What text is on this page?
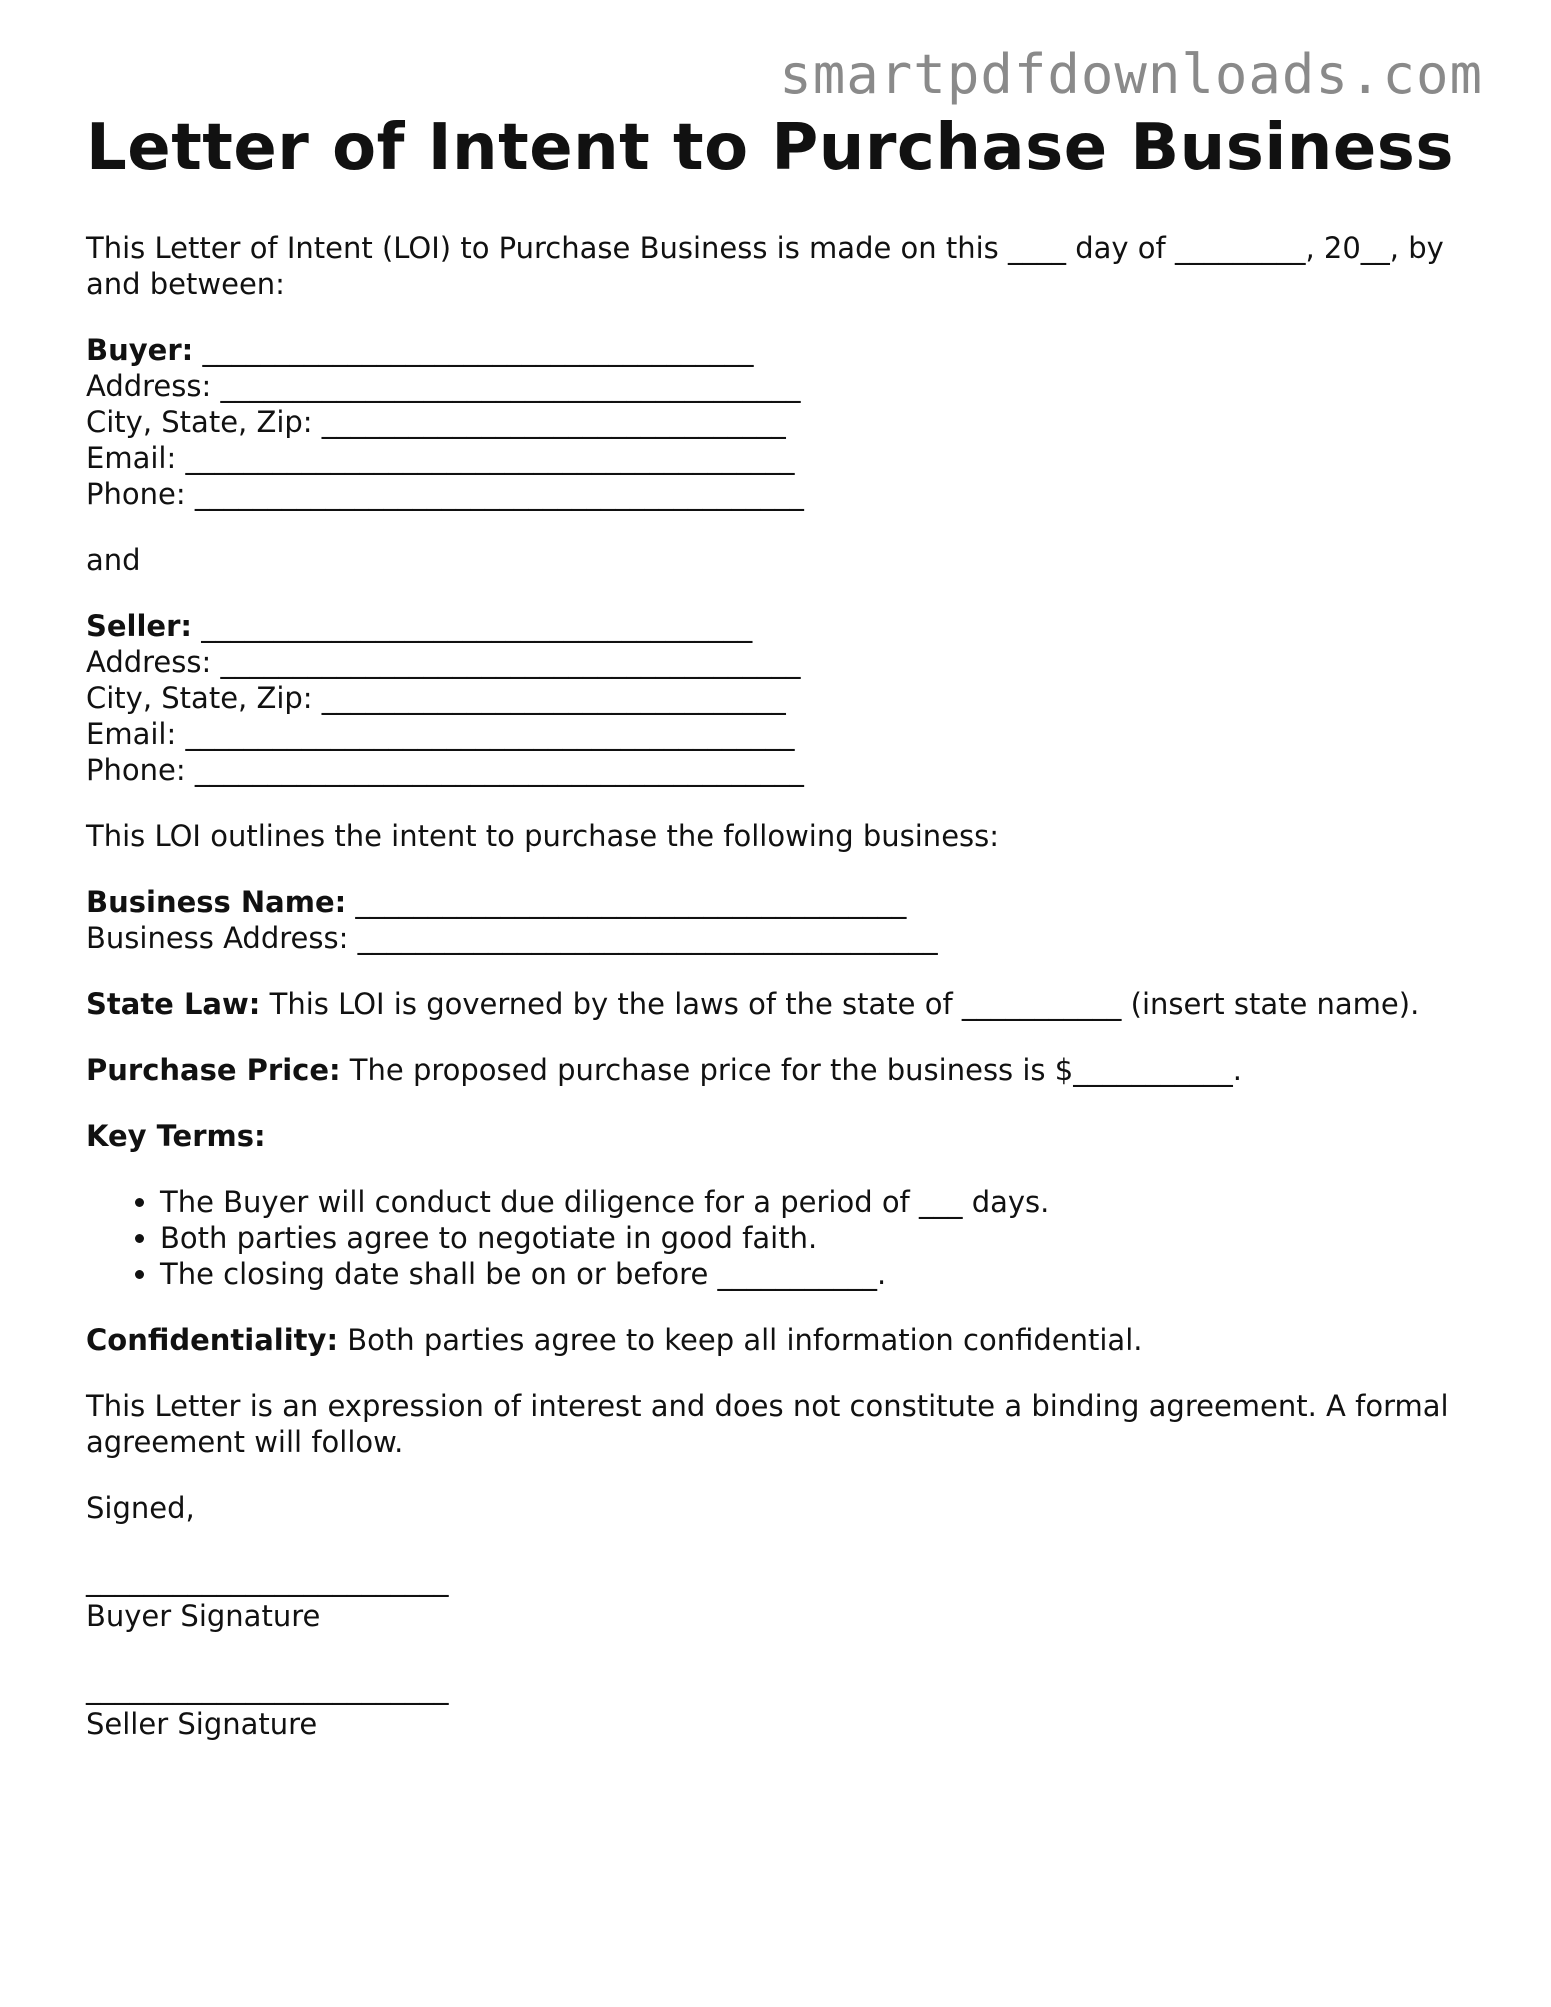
smartpdfdownloads.com
Letter of Intent to Purchase Business

This Letter of Intent (LOI) to Purchase Business is made on this ____ day of _________, 20__, by and between:

Buyer: ______________________________________
Address: ________________________________________
City, State, Zip: ________________________________
Email: __________________________________________
Phone: __________________________________________

and

Seller: ______________________________________
Address: ________________________________________
City, State, Zip: ________________________________
Email: __________________________________________
Phone: __________________________________________

This LOI outlines the intent to purchase the following business:

Business Name: ______________________________________
Business Address: ________________________________________

State Law: This LOI is governed by the laws of the state of ___________ (insert state name).

Purchase Price: The proposed purchase price for the business is $___________.

Key Terms:

• The Buyer will conduct due diligence for a period of ___ days.
• Both parties agree to negotiate in good faith.
• The closing date shall be on or before ___________.

Confidentiality: Both parties agree to keep all information confidential.

This Letter is an expression of interest and does not constitute a binding agreement. A formal agreement will follow.

Signed,

_________________________
Buyer Signature
_________________________
Seller Signature
